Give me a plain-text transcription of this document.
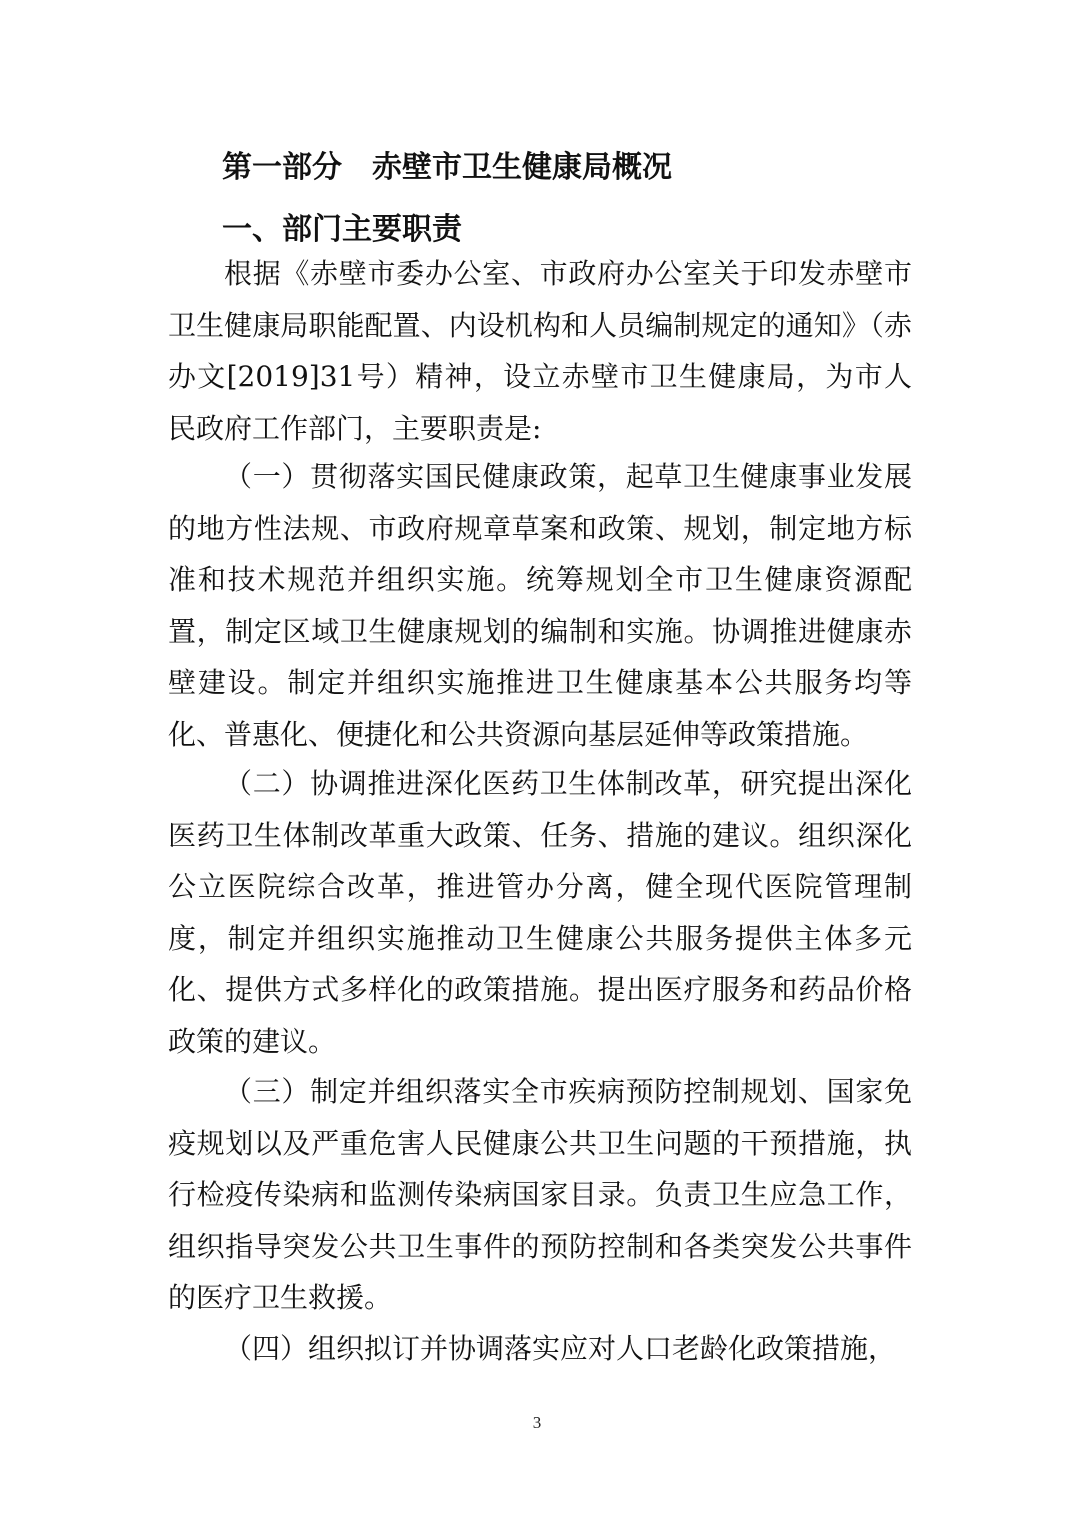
第一部分 赤壁市卫生健康局概况
一、部门主要职责

根据《赤壁市委办公室、市政府办公室关于印发赤壁市卫生健康局职能配置、内设机构和人员编制规定的通知》（赤办文[2019]31号）精神，设立赤壁市卫生健康局，为市人民政府工作部门，主要职责是:

（一）贯彻落实国民健康政策，起草卫生健康事业发展的地方性法规、市政府规章草案和政策、规划，制定地方标准和技术规范并组织实施。统筹规划全市卫生健康资源配置，制定区域卫生健康规划的编制和实施。协调推进健康赤壁建设。制定并组织实施推进卫生健康基本公共服务均等化、普惠化、便捷化和公共资源向基层延伸等政策措施。

（二）协调推进深化医药卫生体制改革，研究提出深化医药卫生体制改革重大政策、任务、措施的建议。组织深化公立医院综合改革，推进管办分离，健全现代医院管理制度，制定并组织实施推动卫生健康公共服务提供主体多元化、提供方式多样化的政策措施。提出医疗服务和药品价格政策的建议。

（三）制定并组织落实全市疾病预防控制规划、国家免疫规划以及严重危害人民健康公共卫生问题的干预措施，执行检疫传染病和监测传染病国家目录。负责卫生应急工作，组织指导突发公共卫生事件的预防控制和各类突发公共事件的医疗卫生救援。

（四）组织拟订并协调落实应对人口老龄化政策措施，

3
